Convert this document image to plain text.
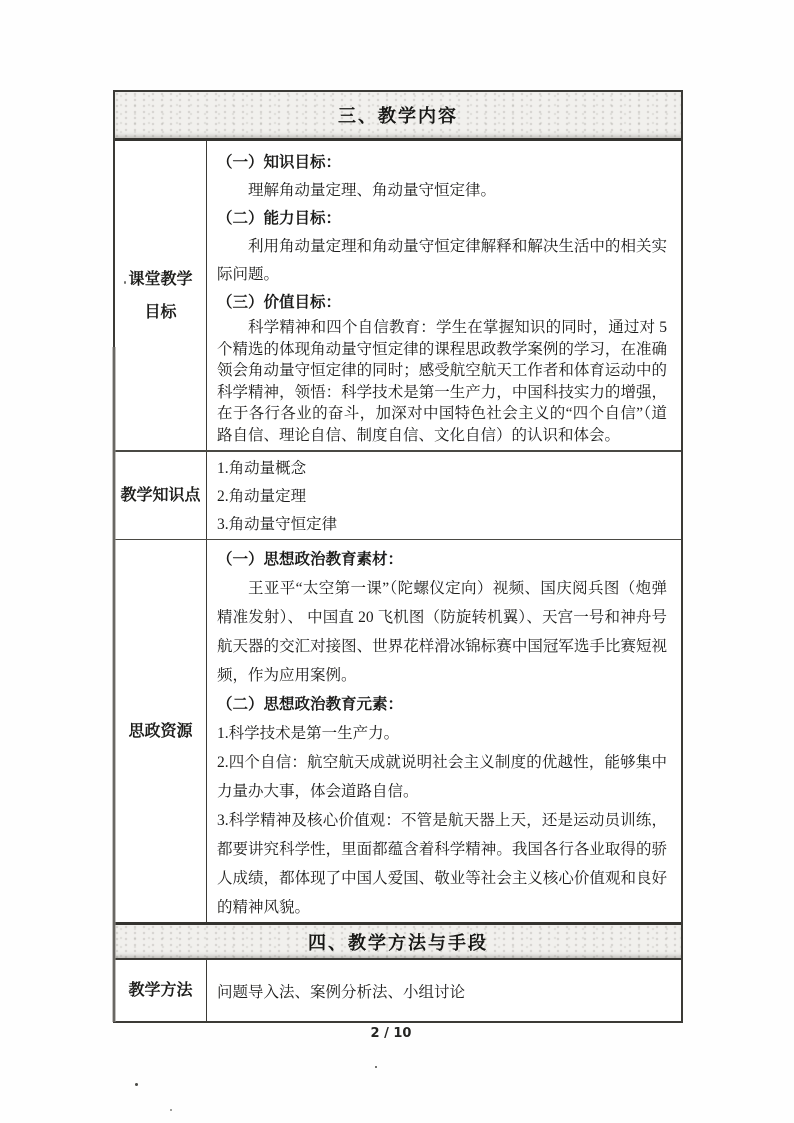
三、教学内容
课堂教学
目标
（一）知识目标：

理解角动量定理、角动量守恒定律。

（二）能力目标：

利用角动量定理和角动量守恒定律解释和解决生活中的相关实际问题。

（三）价值目标：

科学精神和四个自信教育：学生在掌握知识的同时，通过对 5 个精选的体现角动量守恒定律的课程思政教学案例的学习，在准确领会角动量守恒定律的同时；感受航空航天工作者和体育运动中的科学精神，领悟：科学技术是第一生产力，中国科技实力的增强，在于各行各业的奋斗，加深对中国特色社会主义的“四个自信”（道路自信、理论自信、制度自信、文化自信）的认识和体会。

教学知识点

1.角动量概念

2.角动量定理

3.角动量守恒定律

思政资源
（一）思想政治教育素材：

王亚平“太空第一课”（陀螺仪定向）视频、国庆阅兵图（炮弹精准发射）、 中国直 20 飞机图（防旋转机翼）、天宫一号和神舟号航天器的交汇对接图、世界花样滑冰锦标赛中国冠军选手比赛短视频，作为应用案例。

（二）思想政治教育元素：

1.科学技术是第一生产力。

2.四个自信：航空航天成就说明社会主义制度的优越性，能够集中力量办大事，体会道路自信。

3.科学精神及核心价值观：不管是航天器上天，还是运动员训练，都要讲究科学性，里面都蕴含着科学精神。我国各行各业取得的骄人成绩，都体现了中国人爱国、敬业等社会主义核心价值观和良好的精神风貌。

四、教学方法与手段
教学方法 问题导入法、案例分析法、小组讨论
2 / 10
